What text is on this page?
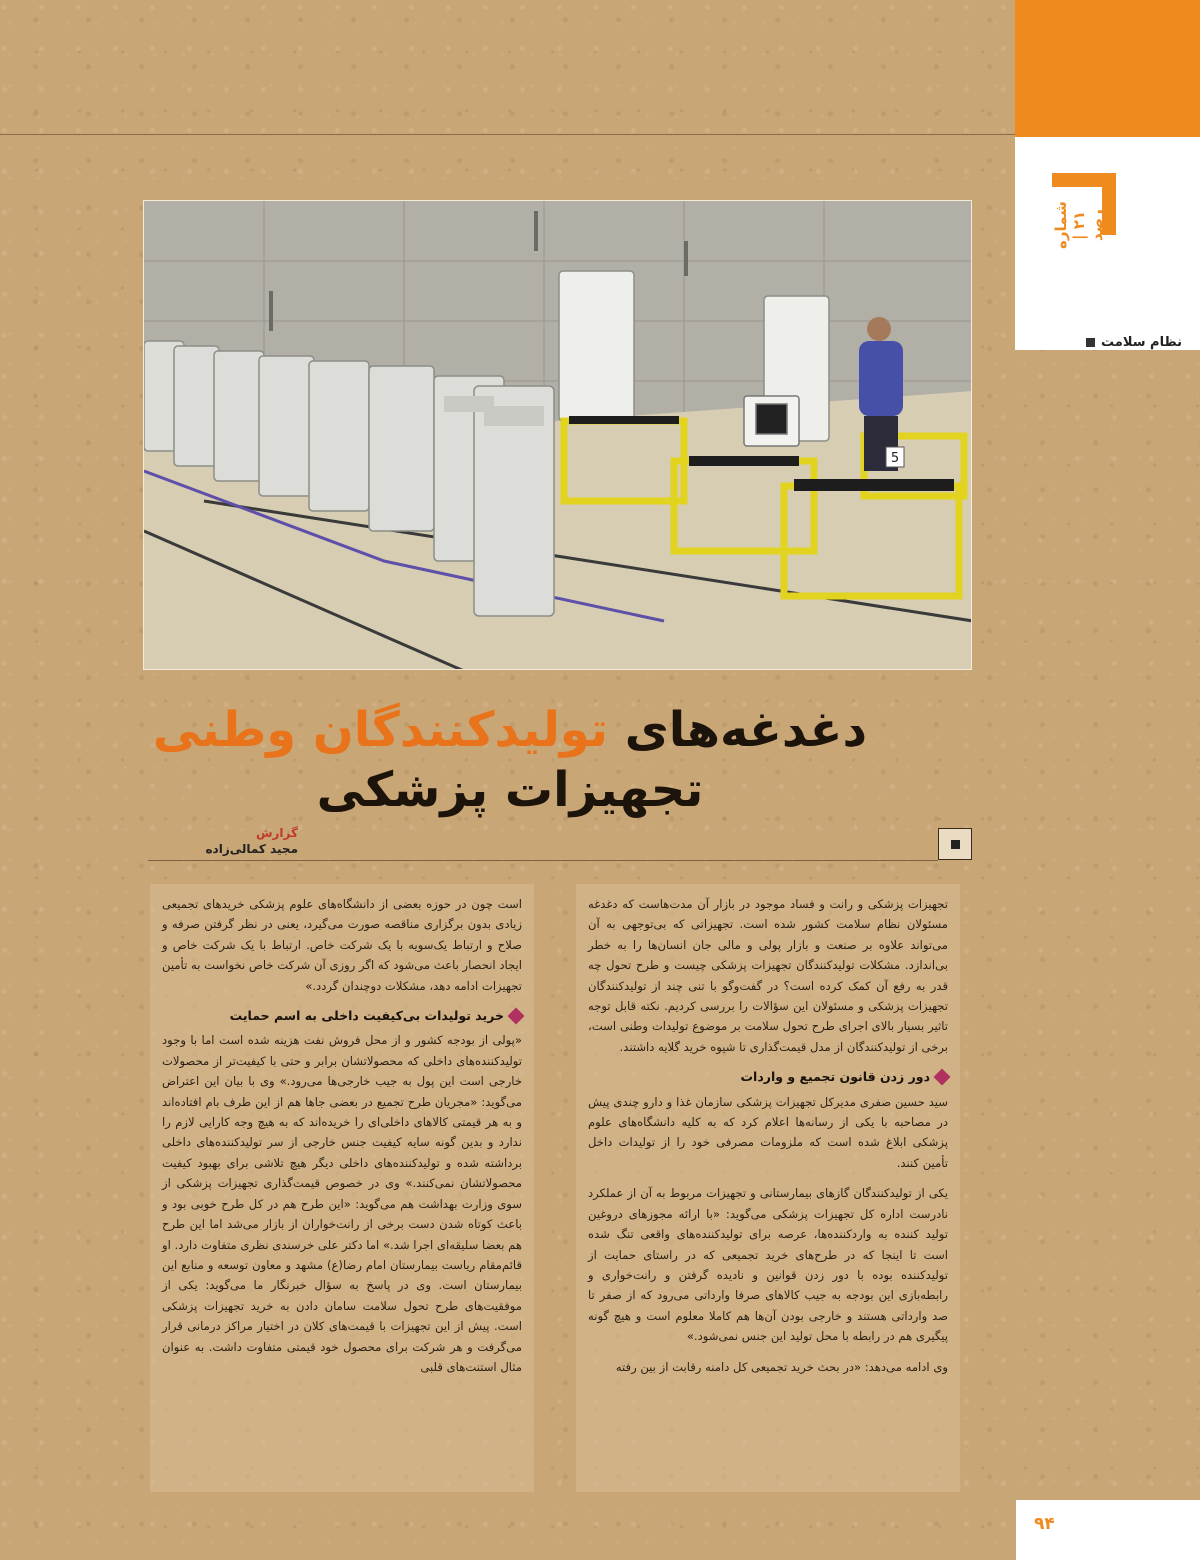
شماره ۲۱ | رصد
نظام سلامت
5
دغدغه‌های تولیدکنندگان وطنی
تجهیزات پزشکی
گزارش
مجید کمالی‌زاده

تجهیزات پزشکی و رانت و فساد موجود در بازار آن مدت‌هاست که دغدغه مسئولان نظام سلامت کشور شده است. تجهیزاتی که بی‌توجهی به آن می‌تواند علاوه بر صنعت و بازار پولی و مالی جان انسان‌ها را به خطر بی‌اندازد. مشکلات تولیدکنندگان تجهیزات پزشکی چیست و طرح تحول چه قدر به رفع آن کمک کرده است؟ در گفت‌وگو با تنی چند از تولیدکنندگان تجهیزات پزشکی و مسئولان این سؤالات را بررسی کردیم. نکته قابل توجه تاثیر بسیار بالای اجرای طرح تحول سلامت بر موضوع تولیدات وطنی است، برخی از تولیدکنندگان از مدل قیمت‌گذاری تا شیوه خرید گلایه داشتند.

دور زدن قانون تجمیع و واردات

سید حسین صفری مدیرکل تجهیزات پزشکی سازمان غذا و دارو چندی پیش در مصاحبه با یکی از رسانه‌ها اعلام کرد که به کلیه دانشگاه‌های علوم پزشکی ابلاغ شده است که ملزومات مصرفی خود را از تولیدات داخل تأمین کنند.

یکی از تولیدکنندگان گازهای بیمارستانی و تجهیزات مربوط به آن از عملکرد نادرست اداره کل تجهیزات پزشکی می‌گوید: «با ارائه مجوزهای دروغین تولید کننده به واردکننده‌ها، عرصه برای تولیدکننده‌های واقعی تنگ شده است تا اینجا که در طرح‌های خرید تجمیعی که در راستای حمایت از تولیدکننده بوده با دور زدن قوانین و نادیده گرفتن و رانت‌خواری و رابطه‌بازی این بودجه به جیب کالاهای صرفا وارداتی می‌رود که از صفر تا صد وارداتی هستند و خارجی بودن آن‌ها هم کاملا معلوم است و هیچ گونه پیگیری هم در رابطه با محل تولید این جنس نمی‌شود.»

وی ادامه می‌دهد: «در بحث خرید تجمیعی کل دامنه رقابت از بین رفته

است چون در حوزه بعضی از دانشگاه‌های علوم پزشکی خریدهای تجمیعی زیادی بدون برگزاری مناقصه صورت می‌گیرد، یعنی در نظر گرفتن صرفه و صلاح و ارتباط یک‌سویه با یک شرکت خاص. ارتباط با یک شرکت خاص و ایجاد انحصار باعث می‌شود که اگر روزی آن شرکت خاص نخواست به تأمین تجهیزات ادامه دهد، مشکلات دوچندان گردد.»

خرید تولیدات بی‌کیفیت داخلی به اسم حمایت

«پولی از بودجه کشور و از محل فروش نفت هزینه شده است اما با وجود تولیدکننده‌های داخلی که محصولاتشان برابر و حتی با کیفیت‌تر از محصولات خارجی است این پول به جیب خارجی‌ها می‌رود.» وی با بیان این اعتراض می‌گوید: «مجریان طرح تجمیع در بعضی جاها هم از این طرف بام افتاده‌اند و به هر قیمتی کالاهای داخلی‌ای را خریده‌اند که به هیچ وجه کارایی لازم را ندارد و بدین گونه سایه کیفیت جنس خارجی از سر تولیدکننده‌های داخلی برداشته شده و تولیدکننده‌های داخلی دیگر هیچ تلاشی برای بهبود کیفیت محصولاتشان نمی‌کنند.» وی در خصوص قیمت‌گذاری تجهیزات پزشکی از سوی وزارت بهداشت هم می‌گوید: «این طرح هم در کل طرح خوبی بود و باعث کوتاه شدن دست برخی از رانت‌خواران از بازار می‌شد اما این طرح هم بعضا سلیقه‌ای اجرا شد.» اما دکتر علی خرسندی نظری متفاوت دارد. او قائم‌مقام ریاست بیمارستان امام رضا(ع) مشهد و معاون توسعه و منابع این بیمارستان است. وی در پاسخ به سؤال خبرنگار ما می‌گوید: یکی از موفقیت‌های طرح تحول سلامت سامان دادن به خرید تجهیزات پزشکی است. پیش از این تجهیزات با قیمت‌های کلان در اختیار مراکز درمانی قرار می‌گرفت و هر شرکت برای محصول خود قیمتی متفاوت داشت. به عنوان مثال استنت‌های قلبی

۹۴
